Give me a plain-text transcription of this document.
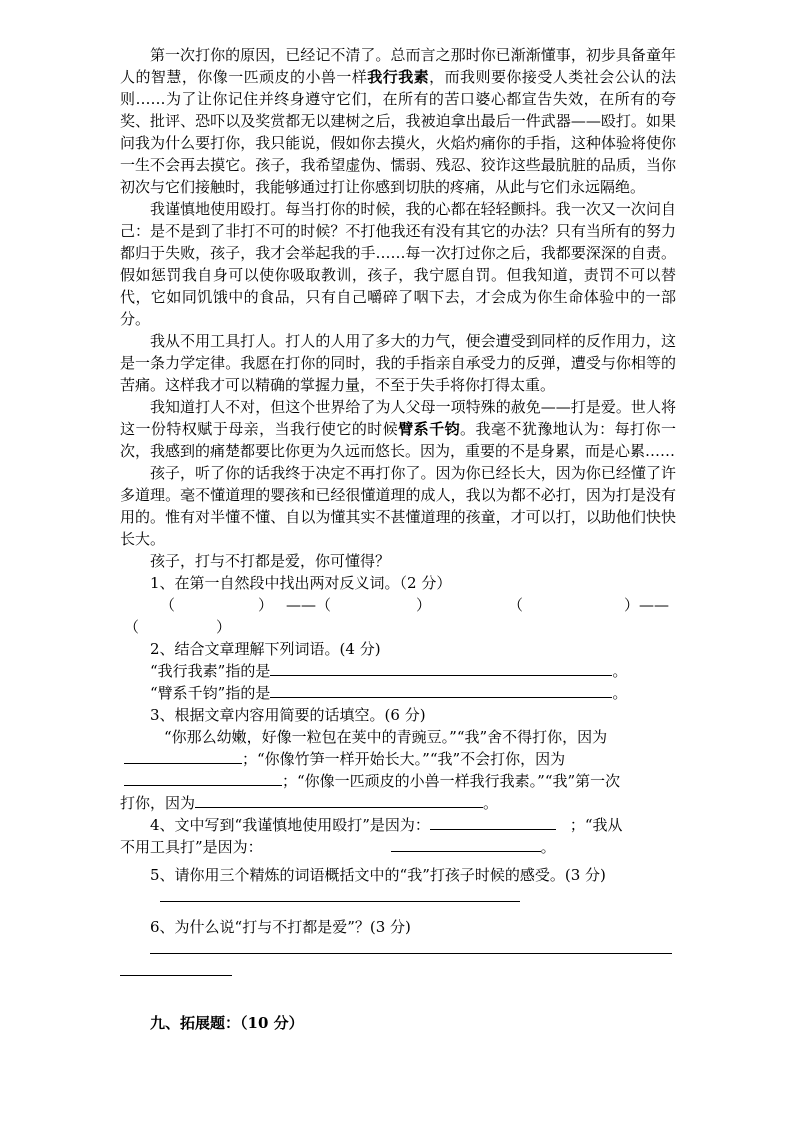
第一次打你的原因，已经记不清了。总而言之那时你已渐渐懂事，初步具备童年人的智慧，你像一匹顽皮的小兽一样我行我素，而我则要你接受人类社会公认的法则……为了让你记住并终身遵守它们，在所有的苦口婆心都宣告失效，在所有的夸奖、批评、恐吓以及奖赏都无以建树之后，我被迫拿出最后一件武器——殴打。如果问我为什么要打你，我只能说，假如你去摸火，火焰灼痛你的手指，这种体验将使你一生不会再去摸它。孩子，我希望虚伪、懦弱、残忍、狡诈这些最肮脏的品质，当你初次与它们接触时，我能够通过打让你感到切肤的疼痛，从此与它们永远隔绝。

我谨慎地使用殴打。每当打你的时候，我的心都在轻轻颤抖。我一次又一次问自己：是不是到了非打不可的时候？不打他我还有没有其它的办法？只有当所有的努力都归于失败，孩子，我才会举起我的手……每一次打过你之后，我都要深深的自责。假如惩罚我自身可以使你吸取教训，孩子，我宁愿自罚。但我知道，责罚不可以替代，它如同饥饿中的食品，只有自己嚼碎了咽下去，才会成为你生命体验中的一部分。

我从不用工具打人。打人的人用了多大的力气，便会遭受到同样的反作用力，这是一条力学定律。我愿在打你的同时，我的手指亲自承受力的反弹，遭受与你相等的苦痛。这样我才可以精确的掌握力量，不至于失手将你打得太重。

我知道打人不对，但这个世界给了为人父母一项特殊的赦免——打是爱。世人将这一份特权赋于母亲，当我行使它的时候臂系千钧。我毫不犹豫地认为：每打你一次，我感到的痛楚都要比你更为久远而悠长。因为，重要的不是身累，而是心累……

孩子，听了你的话我终于决定不再打你了。因为你已经长大，因为你已经懂了许多道理。毫不懂道理的婴孩和已经很懂道理的成人，我以为都不必打，因为打是没有用的。惟有对半懂不懂、自以为懂其实不甚懂道理的孩童，才可以打，以助他们快快长大。

孩子，打与不打都是爱，你可懂得？

1、在第一自然段中找出两对反义词。（2 分）
（	） ——（	）	（	）——
（	）
2、结合文章理解下列词语。(4 分)
“我行我素”指的是	。
“臂系千钧”指的是	。
3、根据文章内容用简要的话填空。(6 分)
“你那么幼嫩，好像一粒包在荚中的青豌豆。”“我”舍不得打你，因为
；“你像竹笋一样开始长大。”“我”不会打你，因为
；“你像一匹顽皮的小兽一样我行我素。”“我”第一次
打你，因为	。
4、文中写到“我谨慎地使用殴打”是因为：	；“我从
不用工具打”是因为：	。
5、请你用三个精炼的词语概括文中的“我”打孩子时候的感受。(3 分)
6、为什么说“打与不打都是爱”？(3 分)
九、拓展题：（10 分）
